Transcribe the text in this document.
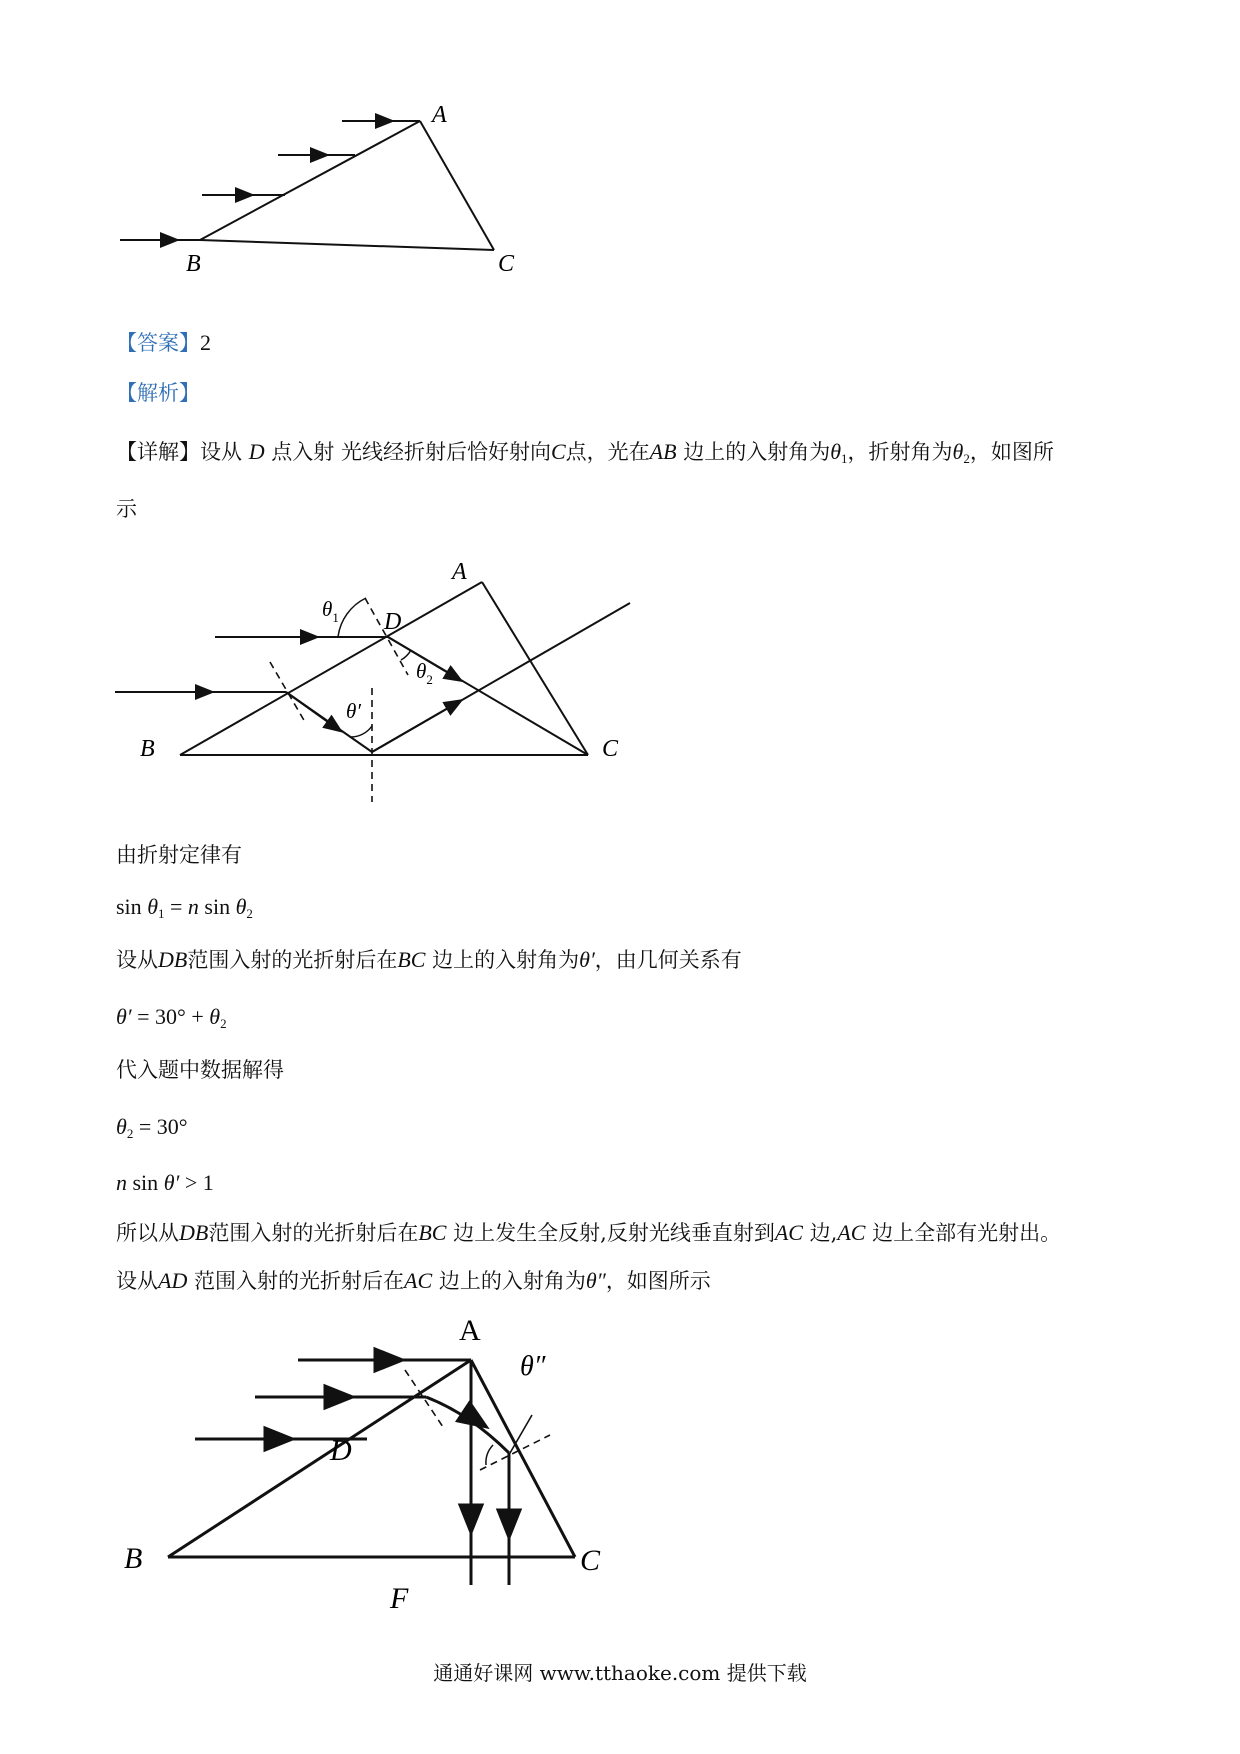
A
B	C
【答案】2
【解析】
【详解】设从 D 点入射 光线经折射后恰好射向C点，光在AB 边上的入射角为$\theta_1$，折射角为$\theta_2$，如图所
示
A
B	C
D
$\theta_1$
$\theta_2$
θ′
由折射定律有
$\sin \theta_1 = n$ $\sin \theta_2$
设从DB范围入射的光折射后在BC 边上的入射角为θ′，由几何关系有
$\theta' = 30^\circ + \theta_2$
代入题中数据解得
$\theta_2 = 30^\circ$
n sin θ′ > 1
所以从DB范围入射的光折射后在BC 边上发生全反射,反射光线垂直射到AC 边,AC 边上全部有光射出。
设从AD 范围入射的光折射后在AC 边上的入射角为θ″，如图所示
A
B	C
D
F
θ″
通通好课网 www.tthaoke.com 提供下载
